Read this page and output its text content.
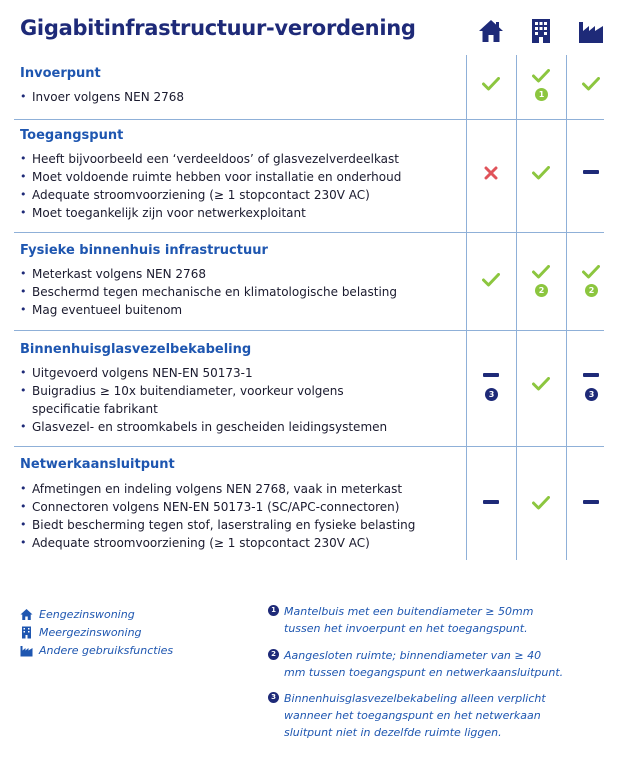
Gigabitinfrastructuur-verordening
Invoerpunt
• Invoer volgens NEN 2768
Toegangspunt
• Heeft bijvoorbeeld een ‘verdeeldoos’ of glasvezelverdeelkast
• Moet voldoende ruimte hebben voor installatie en onderhoud
• Adequate stroomvoorziening (≥ 1 stopcontact 230V AC)
• Moet toegankelijk zijn voor netwerkexploitant
Fysieke binnenhuis infrastructuur
• Meterkast volgens NEN 2768
• Beschermd tegen mechanische en klimatologische belasting
• Mag eventueel buitenom
Binnenhuisglasvezelbekabeling
• Uitgevoerd volgens NEN-EN 50173-1
• Buigradius ≥ 10x buitendiameter, voorkeur volgens specificatie fabrikant
• Glasvezel- en stroomkabels in gescheiden leidingsystemen
Netwerkaansluitpunt
• Afmetingen en indeling volgens NEN 2768, vaak in meterkast
• Connectoren volgens NEN-EN 50173-1 (SC/APC-connectoren)
• Biedt bescherming tegen stof, laserstraling en fysieke belasting
• Adequate stroomvoorziening (≥ 1 stopcontact 230V AC)
1
2	2
3	3
Eengezinswoning
Meergezinswoning
Andere gebruiksfuncties
1 Mantelbuis met een buitendiameter ≥ 50mm tussen het invoerpunt en het toegangspunt.

2 Aangesloten ruimte; binnendiameter van ≥ 40 mm tussen toegangspunt en netwerkaansluitpunt.

3 Binnenhuisglasvezelbekabeling alleen verplicht wanneer het toegangspunt en het netwerkaan sluitpunt niet in dezelfde ruimte liggen.
